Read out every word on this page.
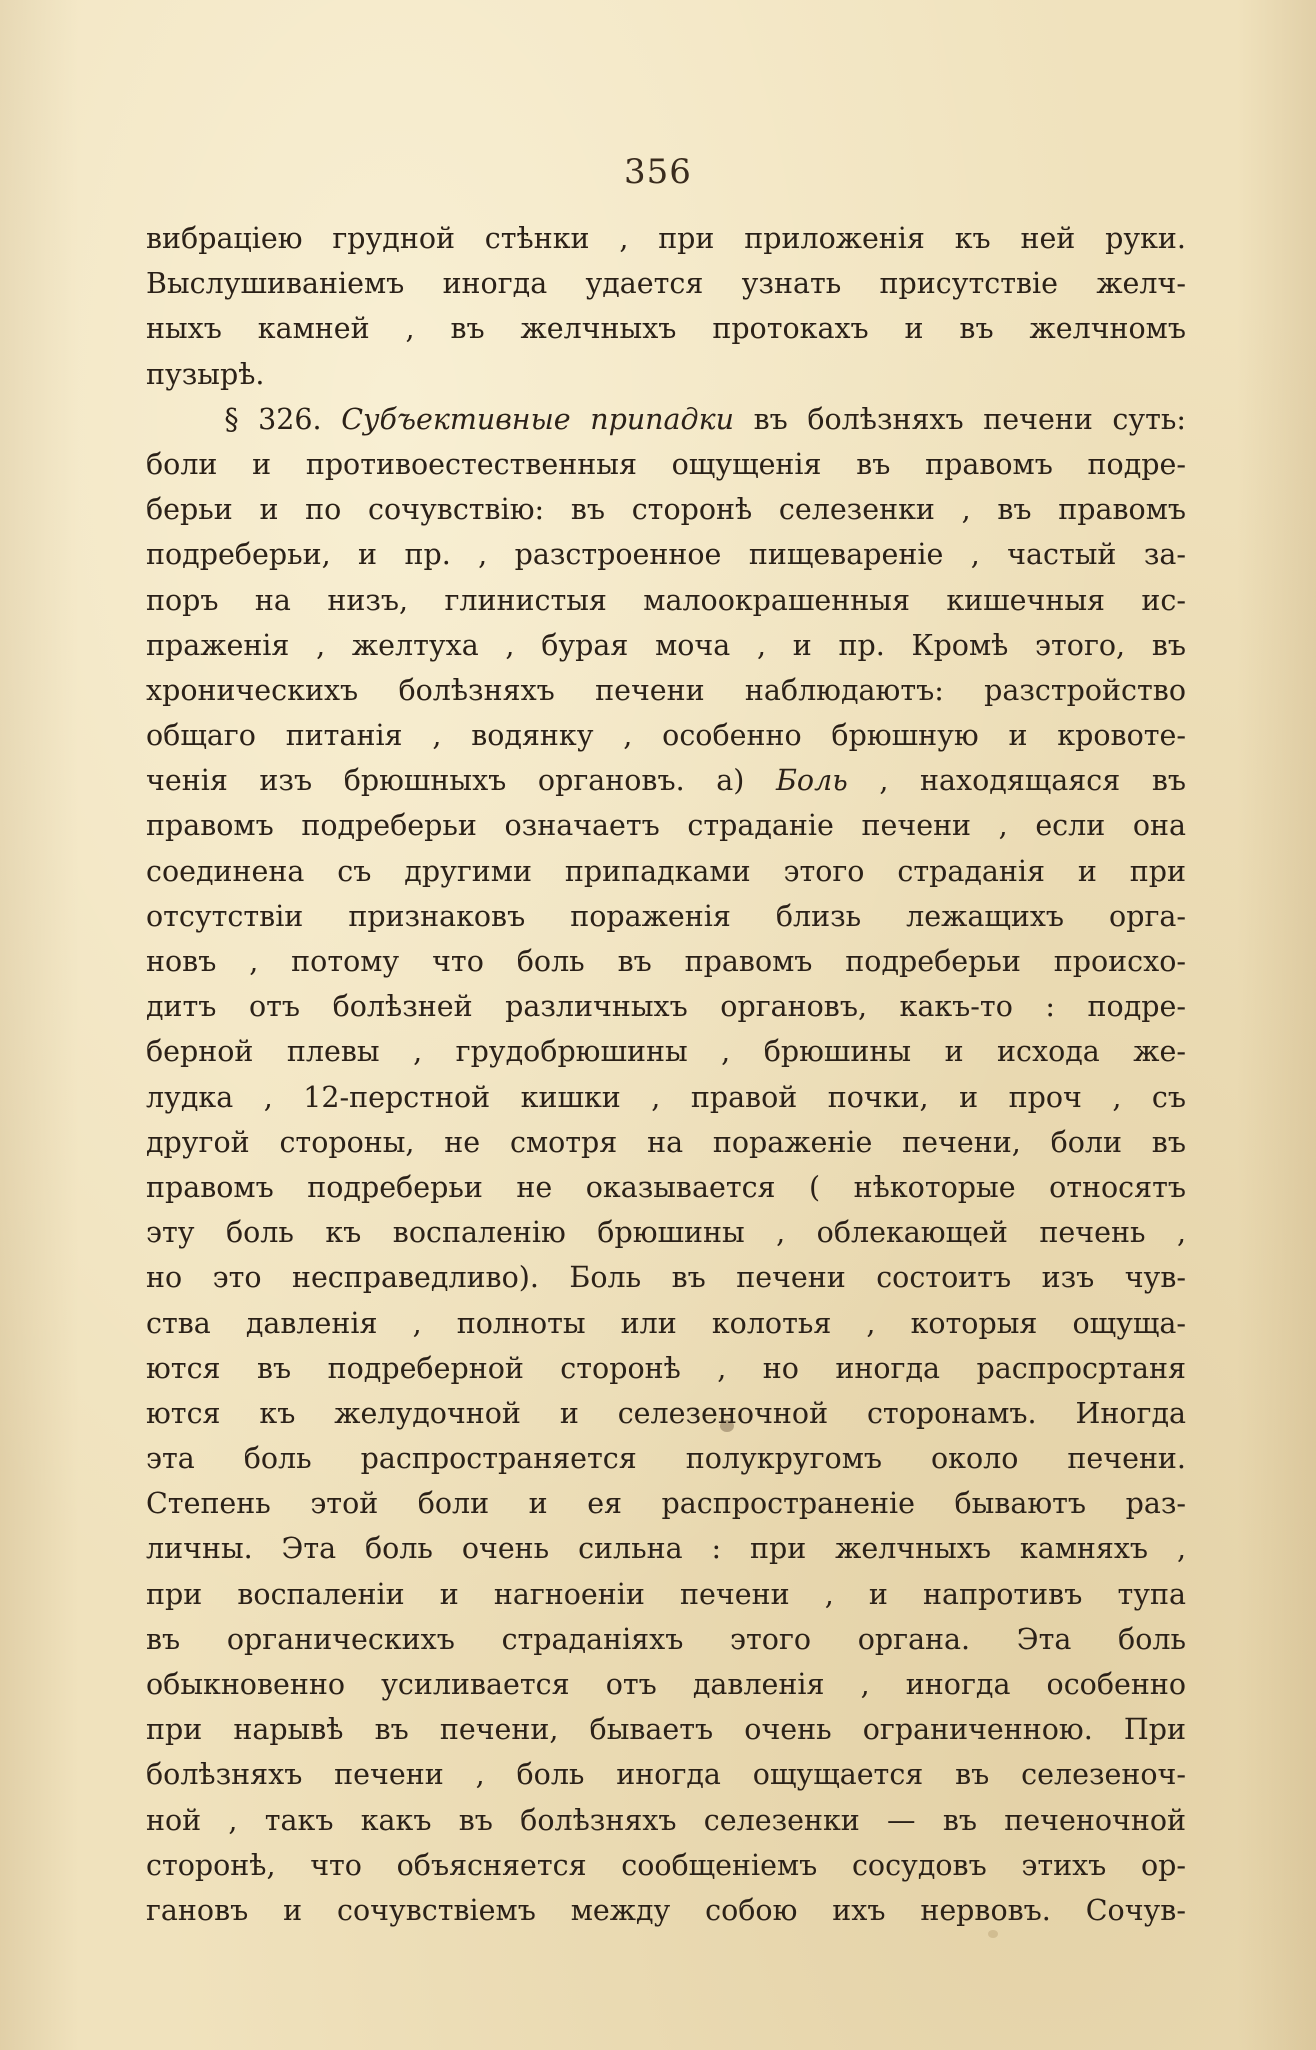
356
вибраціею грудной стѣнки , при приложенія къ ней руки.
Выслушиваніемъ иногда удается узнать присутствіе желч-
ныхъ камней , въ желчныхъ протокахъ и въ желчномъ
пузырѣ.
§ 326. Субъективные припадки въ болѣзняхъ печени суть:
боли и противоестественныя ощущенія въ правомъ подре-
берьи и по сочувствію: въ сторонѣ селезенки , въ правомъ
подреберьи, и пр. , разстроенное пищевареніе , частый за-
поръ на низъ, глинистыя малоокрашенныя кишечныя ис-
праженія , желтуха , бурая моча , и пр. Кромѣ этого, въ
хроническихъ болѣзняхъ печени наблюдаютъ: разстройство
общаго питанія , водянку , особенно брюшную и кровоте-
ченія изъ брюшныхъ органовъ. а) Боль , находящаяся въ
правомъ подреберьи означаетъ страданіе печени , если она
соединена съ другими припадками этого страданія и при
отсутствіи признаковъ пораженія близь лежащихъ орга-
новъ , потому что боль въ правомъ подреберьи происхо-
дитъ отъ болѣзней различныхъ органовъ, какъ-то : подре-
берной плевы , грудобрюшины , брюшины и исхода же-
лудка , 12-перстной кишки , правой почки, и проч , съ
другой стороны, не смотря на пораженіе печени, боли въ
правомъ подреберьи не оказывается ( нѣкоторые относятъ
эту боль къ воспаленію брюшины , облекающей печень ,
но это несправедливо). Боль въ печени состоитъ изъ чув-
ства давленія , полноты или колотья , которыя ощуща-
ются въ подреберной сторонѣ , но иногда распросртаня
ются къ желудочной и селезеночной сторонамъ. Иногда
эта боль распространяется полукругомъ около печени.
Степень этой боли и ея распространеніе бываютъ раз-
личны. Эта боль очень сильна : при желчныхъ камняхъ ,
при воспаленіи и нагноеніи печени , и напротивъ тупа
въ органическихъ страданіяхъ этого органа. Эта боль
обыкновенно усиливается отъ давленія , иногда особенно
при нарывѣ въ печени, бываетъ очень ограниченною. При
болѣзняхъ печени , боль иногда ощущается въ селезеноч-
ной , такъ какъ въ болѣзняхъ селезенки — въ печеночной
сторонѣ, что объясняется сообщеніемъ сосудовъ этихъ ор-
гановъ и сочувствіемъ между собою ихъ нервовъ. Сочув-
